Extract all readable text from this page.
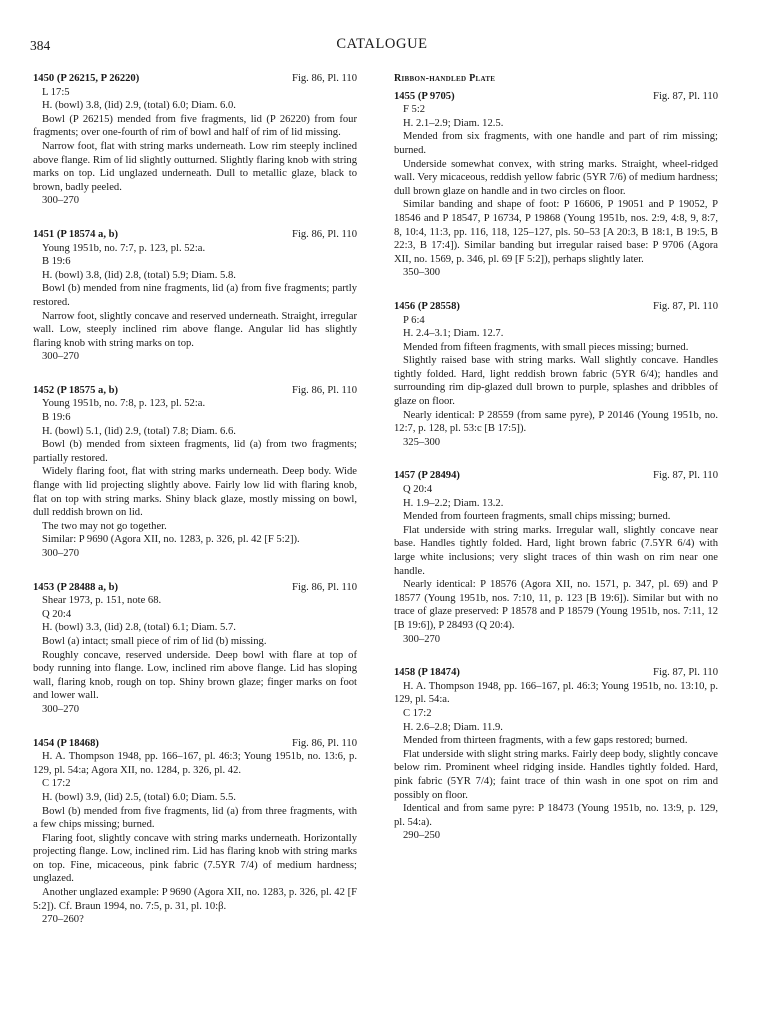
384	CATALOGUE
1450 (P 26215, P 26220)	Fig. 86, Pl. 110
L 17:5
H. (bowl) 3.8, (lid) 2.9, (total) 6.0; Diam. 6.0.
Bowl (P 26215) mended from five fragments, lid (P 26220) from four fragments; over one-fourth of rim of bowl and half of rim of lid missing.
Narrow foot, flat with string marks underneath. Low rim steeply inclined above flange. Rim of lid slightly outturned. Slightly flaring knob with string marks on top. Lid unglazed underneath. Dull to metallic glaze, black to brown, badly peeled.
300–270
1451 (P 18574 a, b)	Fig. 86, Pl. 110
Young 1951b, no. 7:7, p. 123, pl. 52:a.
B 19:6
H. (bowl) 3.8, (lid) 2.8, (total) 5.9; Diam. 5.8.
Bowl (b) mended from nine fragments, lid (a) from five fragments; partly restored.
Narrow foot, slightly concave and reserved underneath. Straight, irregular wall. Low, steeply inclined rim above flange. Angular lid has slightly flaring knob with string marks on top.
300–270
1452 (P 18575 a, b)	Fig. 86, Pl. 110
Young 1951b, no. 7:8, p. 123, pl. 52:a.
B 19:6
H. (bowl) 5.1, (lid) 2.9, (total) 7.8; Diam. 6.6.
Bowl (b) mended from sixteen fragments, lid (a) from two fragments; partially restored.
Widely flaring foot, flat with string marks underneath. Deep body. Wide flange with lid projecting slightly above. Fairly low lid with flaring knob, flat on top with string marks. Shiny black glaze, mostly missing on bowl, dull reddish brown on lid.
The two may not go together.
Similar: P 9690 (Agora XII, no. 1283, p. 326, pl. 42 [F 5:2]).
300–270
1453 (P 28488 a, b)	Fig. 86, Pl. 110
Shear 1973, p. 151, note 68.
Q 20:4
H. (bowl) 3.3, (lid) 2.8, (total) 6.1; Diam. 5.7.
Bowl (a) intact; small piece of rim of lid (b) missing.
Roughly concave, reserved underside. Deep bowl with flare at top of body running into flange. Low, inclined rim above flange. Lid has sloping wall, flaring knob, rough on top. Shiny brown glaze; finger marks on foot and lower wall.
300–270
1454 (P 18468)	Fig. 86, Pl. 110
H. A. Thompson 1948, pp. 166–167, pl. 46:3; Young 1951b, no. 13:6, p. 129, pl. 54:a; Agora XII, no. 1284, p. 326, pl. 42.
C 17:2
H. (bowl) 3.9, (lid) 2.5, (total) 6.0; Diam. 5.5.
Bowl (b) mended from five fragments, lid (a) from three fragments, with a few chips missing; burned.
Flaring foot, slightly concave with string marks underneath. Horizontally projecting flange. Low, inclined rim. Lid has flaring knob with string marks on top. Fine, micaceous, pink fabric (7.5YR 7/4) of medium hardness; unglazed.
Another unglazed example: P 9690 (Agora XII, no. 1283, p. 326, pl. 42 [F 5:2]). Cf. Braun 1994, no. 7:5, p. 31, pl. 10:β.
270–260?
Ribbon-handled Plate
1455 (P 9705)	Fig. 87, Pl. 110
F 5:2
H. 2.1–2.9; Diam. 12.5.
Mended from six fragments, with one handle and part of rim missing; burned.
Underside somewhat convex, with string marks. Straight, wheel-ridged wall. Very micaceous, reddish yellow fabric (5YR 7/6) of medium hardness; dull brown glaze on handle and in two circles on floor.
Similar banding and shape of foot: P 16606, P 19051 and P 19052, P 18546 and P 18547, P 16734, P 19868 (Young 1951b, nos. 2:9, 4:8, 9, 8:7, 8, 10:4, 11:3, pp. 116, 118, 125–127, pls. 50–53 [A 20:3, B 18:1, B 19:5, B 22:3, B 17:4]). Similar banding but irregular raised base: P 9706 (Agora XII, no. 1569, p. 346, pl. 69 [F 5:2]), perhaps slightly later.
350–300
1456 (P 28558)	Fig. 87, Pl. 110
P 6:4
H. 2.4–3.1; Diam. 12.7.
Mended from fifteen fragments, with small pieces missing; burned.
Slightly raised base with string marks. Wall slightly concave. Handles tightly folded. Hard, light reddish brown fabric (5YR 6/4); handles and surrounding rim dip-glazed dull brown to purple, splashes and dribbles of glaze on floor.
Nearly identical: P 28559 (from same pyre), P 20146 (Young 1951b, no. 12:7, p. 128, pl. 53:c [B 17:5]).
325–300
1457 (P 28494)	Fig. 87, Pl. 110
Q 20:4
H. 1.9–2.2; Diam. 13.2.
Mended from fourteen fragments, small chips missing; burned.
Flat underside with string marks. Irregular wall, slightly concave near base. Handles tightly folded. Hard, light brown fabric (7.5YR 6/4) with large white inclusions; very slight traces of thin wash on rim near one handle.
Nearly identical: P 18576 (Agora XII, no. 1571, p. 347, pl. 69) and P 18577 (Young 1951b, nos. 7:10, 11, p. 123 [B 19:6]). Similar but with no trace of glaze preserved: P 18578 and P 18579 (Young 1951b, nos. 7:11, 12 [B 19:6]), P 28493 (Q 20:4).
300–270
1458 (P 18474)	Fig. 87, Pl. 110
H. A. Thompson 1948, pp. 166–167, pl. 46:3; Young 1951b, no. 13:10, p. 129, pl. 54:a.
C 17:2
H. 2.6–2.8; Diam. 11.9.
Mended from thirteen fragments, with a few gaps restored; burned.
Flat underside with slight string marks. Fairly deep body, slightly concave below rim. Prominent wheel ridging inside. Handles tightly folded. Hard, pink fabric (5YR 7/4); faint trace of thin wash in one spot on rim and possibly on floor.
Identical and from same pyre: P 18473 (Young 1951b, no. 13:9, p. 129, pl. 54:a).
290–250
